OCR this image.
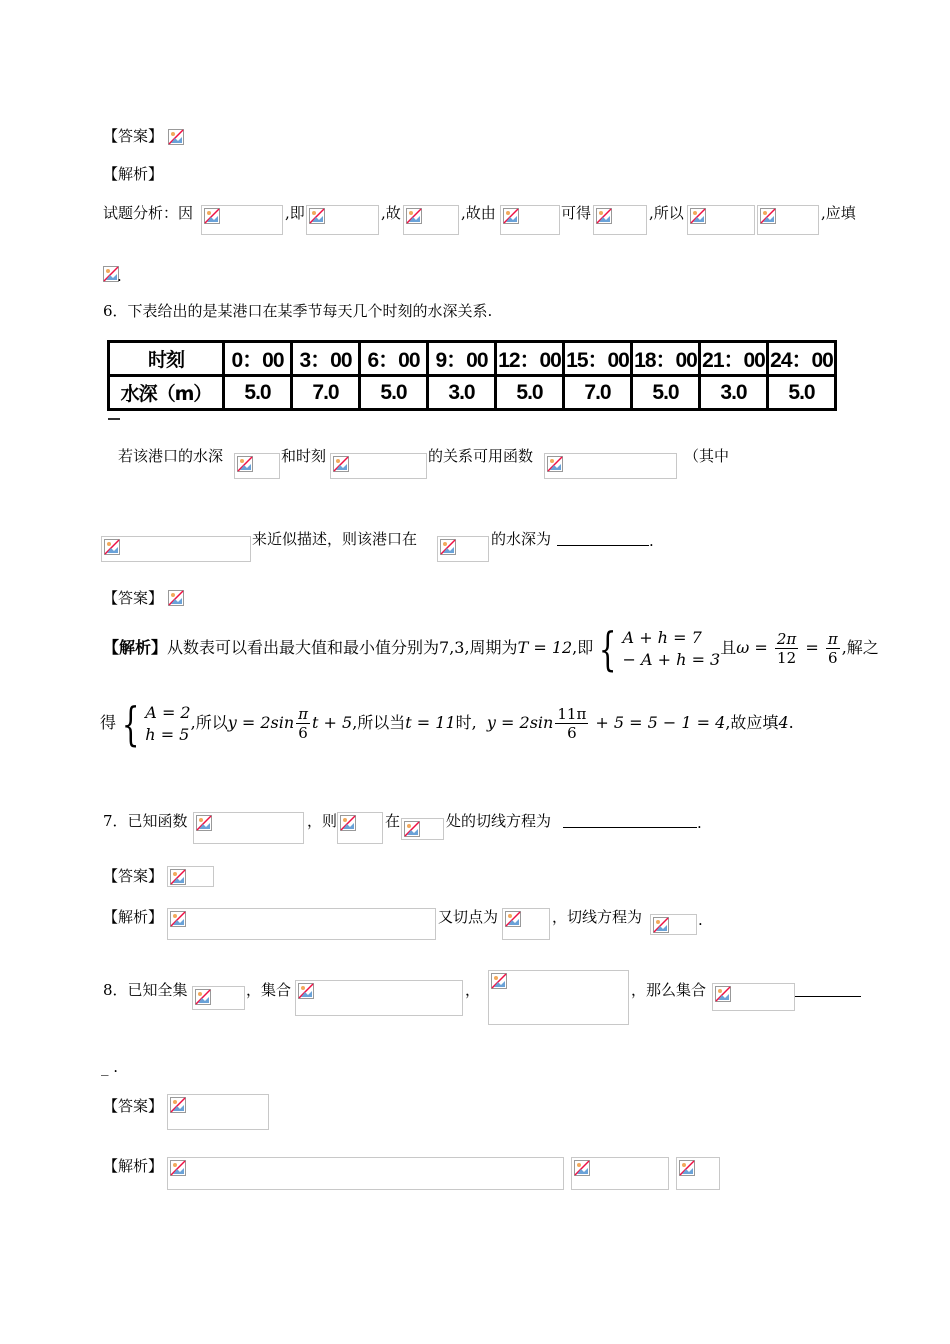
【答案】
【解析】
试题分析：因	,即	,故	,故由	可得	,所以	,应填
.
6．下表给出的是某港口在某季节每天几个时刻的水深关系.
时刻	0：00	3：00	6：00	9：00	12：00	15：00	18：00	21：00	24：00
水深（m）	5.0	7.0	5.0	3.0	5.0	7.0	5.0	3.0	5.0
若该港口的水深	和时刻	的关系可用函数	（其中
来近似描述，则该港口在	的水深为	.
【答案】
【解析】从数表可以看出最大值和最小值分别为7,3,周期为T = 12,即 { A + h = 7
− A + h = 3
且$\omega = \frac{2\pi}{12} = \frac{\pi}{6}$ ,解之
得 { A = 2
h = 5
,所以$y = 2\sin \frac{\pi}{6}$ t + 5,所以当t = 11时, $y = 2\sin \frac{11\pi}{6} + 5 = 5 - 1 = 4$,故应填4.
7．已知函数	，则	在	处的切线方程为	.
【答案】
【解析】	又切点为	，切线方程为	.
8．已知全集	，集合	，	，那么集合
_ .
【答案】
【解析】
